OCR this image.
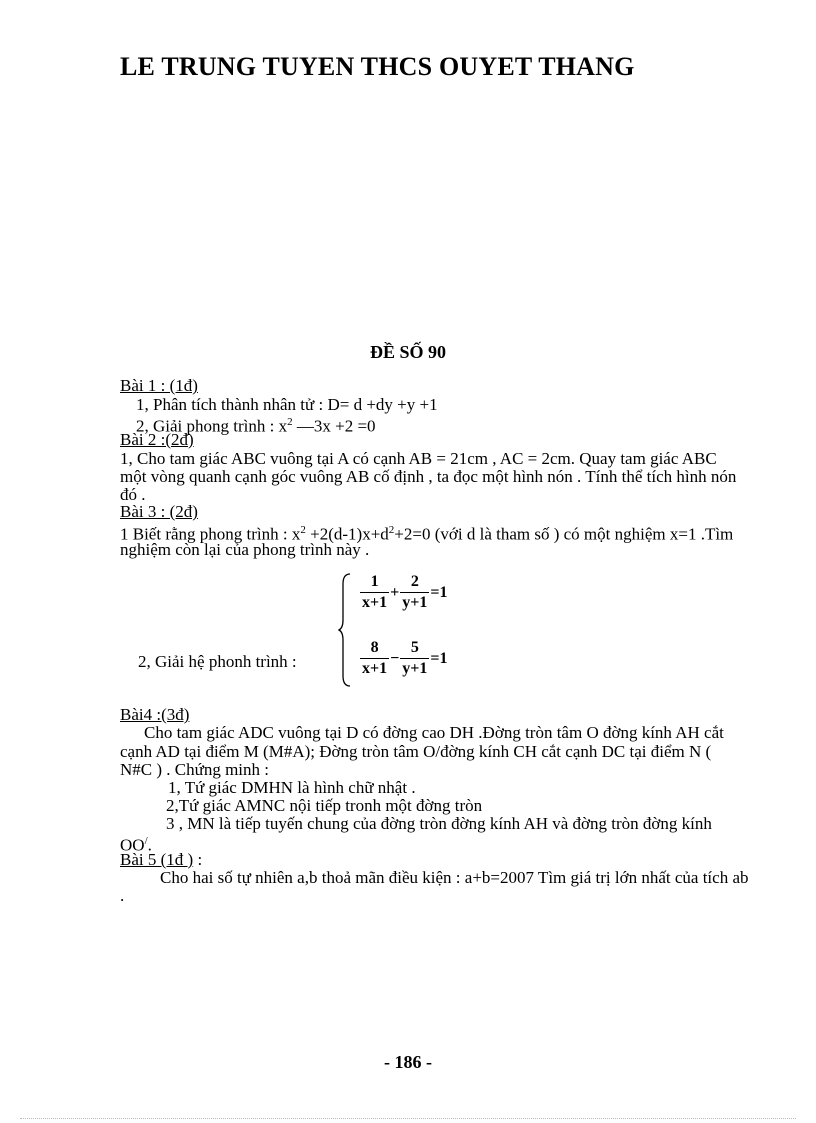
LE TRUNG TUYEN THCS OUYET THANG
ĐỀ SỐ 90
Bài 1 : (1đ)
1, Phân tích thành nhân tử : D= d +dy +y +1
2, Giải phong trình : $x^2$ —3x +2 =0
Bài 2 :(2đ)
1, Cho tam giác ABC vuông tại A có cạnh AB = 21cm , AC = 2cm. Quay tam giác ABC
một vòng quanh cạnh góc vuông AB cố định , ta đọc một hình nón . Tính thể tích hình nón
đó .
Bài 3 : (2đ)
1 Biết rằng phong trình : $x^2 +2(d-1)x+d^2+2=0$ (với d là tham số ) có một nghiệm x=1 .Tìm
nghiệm còn lại của phong trình này .
$\frac{1}{x+1} + \frac{2}{y+1} =1$
$\frac{8}{x+1} - \frac{5}{y+1} =1$
2, Giải hệ phonh trình :
Bài4 :(3đ)
Cho tam giác ADC vuông tại D có đờng cao DH .Đờng tròn tâm O đờng kính AH cắt
cạnh AD tại điểm M (M#A); Đờng tròn tâm O/đờng kính CH cắt cạnh DC tại điểm N (
N#C ) . Chứng minh :
1, Tứ giác DMHN là hình chữ nhật .
2,Tứ giác AMNC nội tiếp tronh một đờng tròn
3 , MN là tiếp tuyến chung của đờng tròn đờng kính AH và đờng tròn đờng kính
OO/.
Bài 5 (1đ ) :
Cho hai số tự nhiên a,b thoả mãn điều kiện : a+b=2007 Tìm giá trị lớn nhất của tích ab
.
- 186 -
